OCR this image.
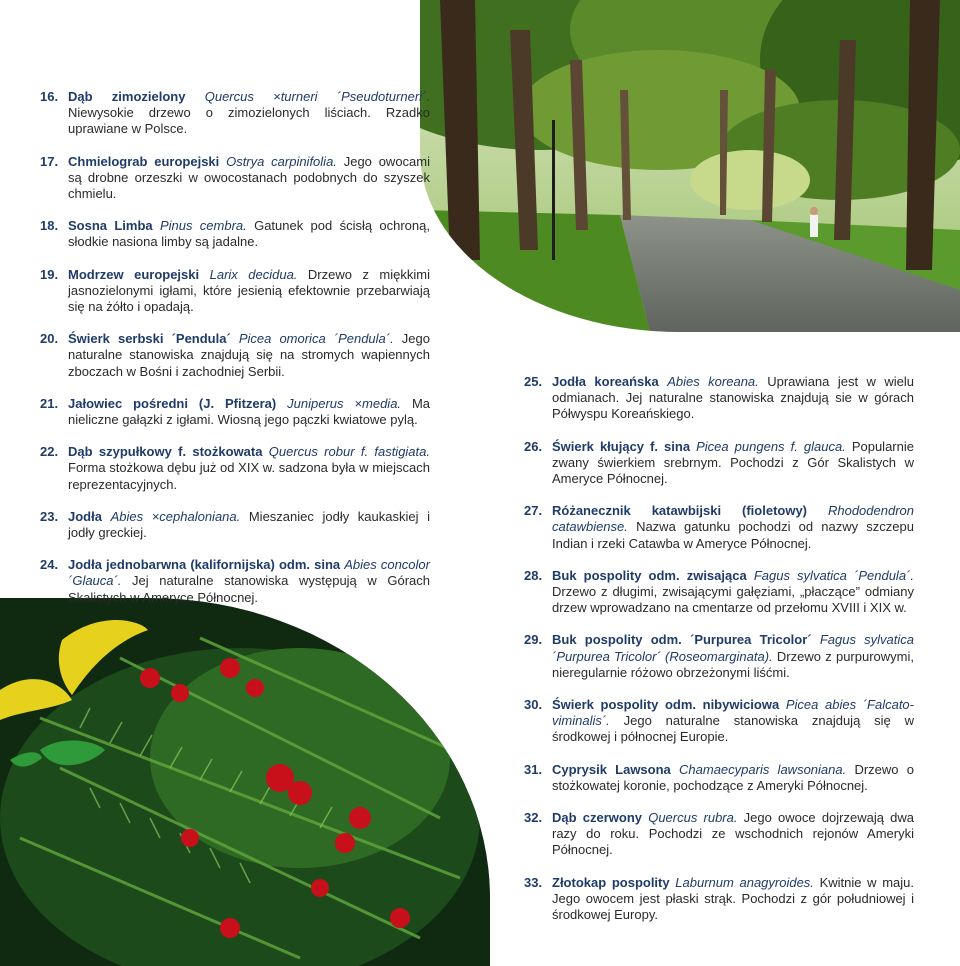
16. Dąb zimozielony Quercus ×turneri ´Pseudoturneri´. Niewysokie drzewo o zimozielonych liściach. Rzadko uprawiane w Polsce.
17. Chmielograb europejski Ostrya carpinifolia. Jego owocami są drobne orzeszki w owocostanach podobnych do szyszek chmielu.
18. Sosna Limba Pinus cembra. Gatunek pod ścisłą ochroną, słodkie nasiona limby są jadalne.
19. Modrzew europejski Larix decidua. Drzewo z miękkimi jasnozielonymi igłami, które jesienią efektownie przebarwiają się na żółto i opadają.
20. Świerk serbski ´Pendula´ Picea omorica ´Pendula´. Jego naturalne stanowiska znajdują się na stromych wapiennych zboczach w Bośni i zachodniej Serbii.
21. Jałowiec pośredni (J. Pfitzera) Juniperus ×media. Ma nieliczne gałązki z igłami. Wiosną jego pączki kwiatowe pylą.
22. Dąb szypułkowy f. stożkowata Quercus robur f. fastigiata. Forma stożkowa dębu już od XIX w. sadzona była w miejscach reprezentacyjnych.
23. Jodła Abies ×cephaloniana. Mieszaniec jodły kaukaskiej i jodły greckiej.
24. Jodła jednobarwna (kalifornijska) odm. sina Abies concolor ´Glauca´. Jej naturalne stanowiska występują w Górach Skalistych w Ameryce Północnej.
25. Jodła koreańska Abies koreana. Uprawiana jest w wielu odmianach. Jej naturalne stanowiska znajdują sie w górach Półwyspu Koreańskiego.
26. Świerk kłujący f. sina Picea pungens f. glauca. Popularnie zwany świerkiem srebrnym. Pochodzi z Gór Skalistych w Ameryce Północnej.
27. Różanecznik katawbijski (fioletowy) Rhododendron catawbiense. Nazwa gatunku pochodzi od nazwy szczepu Indian i rzeki Catawba w Ameryce Północnej.
28. Buk pospolity odm. zwisająca Fagus sylvatica ´Pendula´. Drzewo z długimi, zwisającymi gałęziami, „płaczące” odmiany drzew wprowadzano na cmentarze od przełomu XVIII i XIX w.
29. Buk pospolity odm. ´Purpurea Tricolor´ Fagus sylvatica ´Purpurea Tricolor´ (Roseomarginata). Drzewo z purpurowymi, nieregularnie różowo obrzeżonymi liśćmi.
30. Świerk pospolity odm. nibywiciowa Picea abies ´Falcato-viminalis´. Jego naturalne stanowiska znajdują się w środkowej i północnej Europie.
31. Cyprysik Lawsona Chamaecyparis lawsoniana. Drzewo o stożkowatej koronie, pochodzące z Ameryki Północnej.
32. Dąb czerwony Quercus rubra. Jego owoce dojrzewają dwa razy do roku. Pochodzi ze wschodnich rejonów Ameryki Północnej.
33. Złotokap pospolity Laburnum anagyroides. Kwitnie w maju. Jego owocem jest płaski strąk. Pochodzi z gór południowej i środkowej Europy.
